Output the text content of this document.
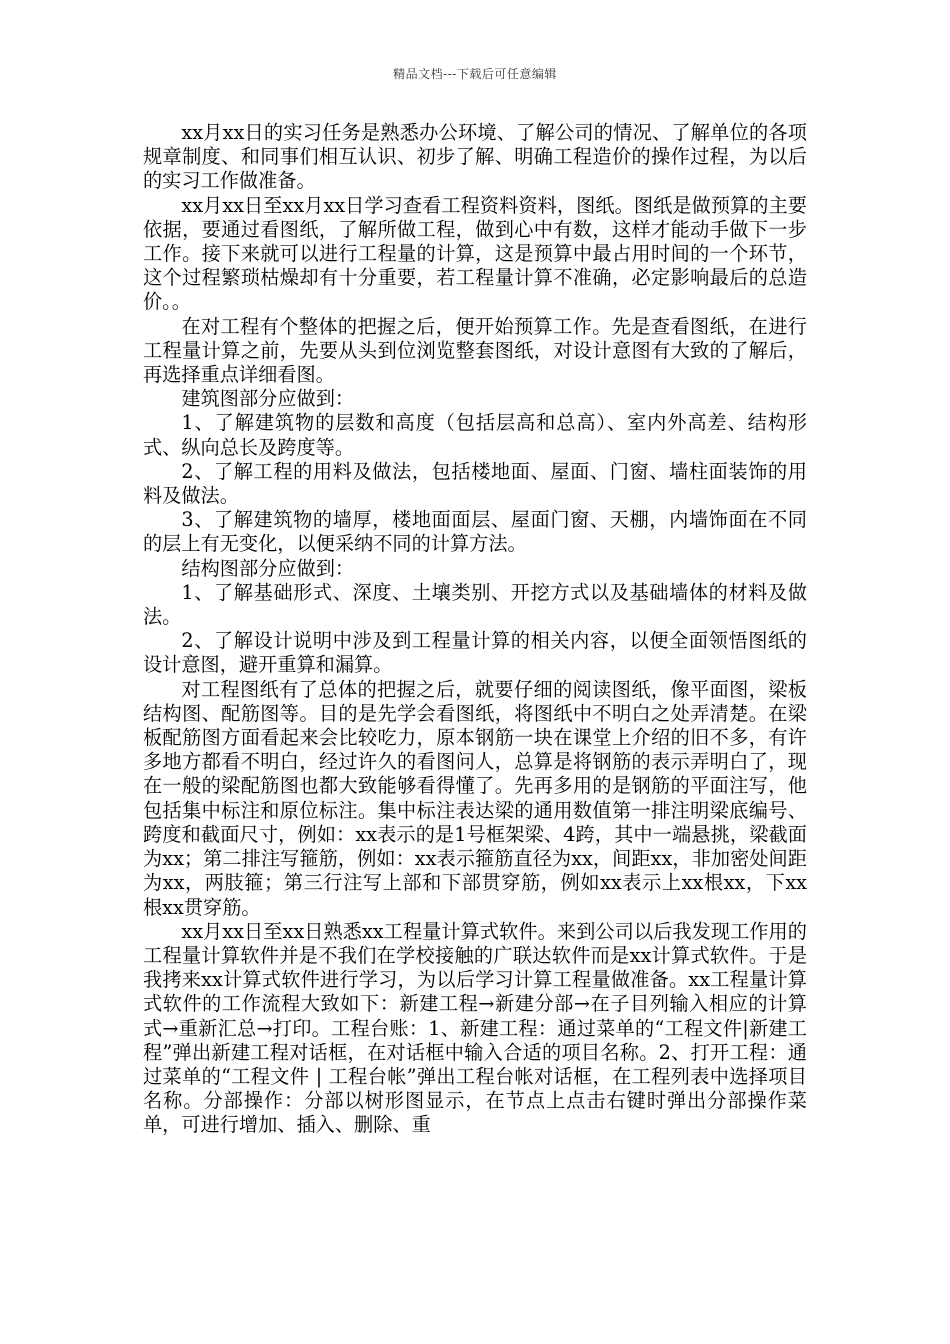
精品文档---下载后可任意编辑

xx月xx日的实习任务是熟悉办公环境、了解公司的情况、了解单位的各项规章制度、和同事们相互认识、初步了解、明确工程造价的操作过程，为以后的实习工作做准备。

xx月xx日至xx月xx日学习查看工程资料资料，图纸。图纸是做预算的主要依据，要通过看图纸，了解所做工程，做到心中有数，这样才能动手做下一步工作。接下来就可以进行工程量的计算，这是预算中最占用时间的一个环节，这个过程繁琐枯燥却有十分重要，若工程量计算不准确，必定影响最后的总造价。。

在对工程有个整体的把握之后，便开始预算工作。先是查看图纸，在进行工程量计算之前，先要从头到位浏览整套图纸，对设计意图有大致的了解后，再选择重点详细看图。

建筑图部分应做到：

1、了解建筑物的层数和高度（包括层高和总高）、室内外高差、结构形式、纵向总长及跨度等。

2、了解工程的用料及做法，包括楼地面、屋面、门窗、墙柱面装饰的用料及做法。

3、了解建筑物的墙厚，楼地面面层、屋面门窗、天棚，内墙饰面在不同的层上有无变化，以便采纳不同的计算方法。

结构图部分应做到：

1、了解基础形式、深度、土壤类别、开挖方式以及基础墙体的材料及做法。

2、了解设计说明中涉及到工程量计算的相关内容，以便全面领悟图纸的设计意图，避开重算和漏算。

对工程图纸有了总体的把握之后，就要仔细的阅读图纸，像平面图，梁板结构图、配筋图等。目的是先学会看图纸，将图纸中不明白之处弄清楚。在梁板配筋图方面看起来会比较吃力，原本钢筋一块在课堂上介绍的旧不多，有许多地方都看不明白，经过许久的看图问人，总算是将钢筋的表示弄明白了，现在一般的梁配筋图也都大致能够看得懂了。先再多用的是钢筋的平面注写，他包括集中标注和原位标注。集中标注表达梁的通用数值第一排注明梁底编号、跨度和截面尺寸，例如：xx表示的是1号框架梁、4跨，其中一端悬挑，梁截面为xx；第二排注写箍筋，例如：xx表示箍筋直径为xx，间距xx，非加密处间距为xx，两肢箍；第三行注写上部和下部贯穿筋，例如xx表示上xx根xx，下xx根xx贯穿筋。

xx月xx日至xx日熟悉xx工程量计算式软件。来到公司以后我发现工作用的工程量计算软件并是不我们在学校接触的广联达软件而是xx计算式软件。于是我拷来xx计算式软件进行学习，为以后学习计算工程量做准备。xx工程量计算式软件的工作流程大致如下：新建工程→新建分部→在子目列输入相应的计算式→重新汇总→打印。工程台账：1、新建工程：通过菜单的“工程文件|新建工程”弹出新建工程对话框，在对话框中输入合适的项目名称。2、打开工程：通过菜单的“工程文件 | 工程台帐”弹出工程台帐对话框，在工程列表中选择项目名称。分部操作：分部以树形图显示，在节点上点击右键时弹出分部操作菜单，可进行增加、插入、删除、重
